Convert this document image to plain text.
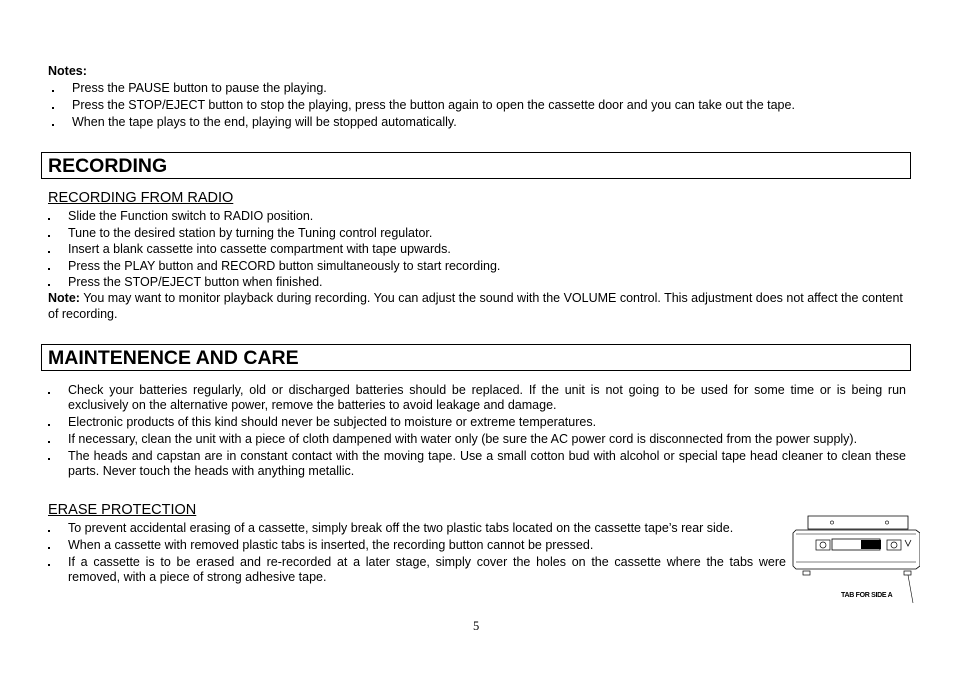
Notes:
Press the PAUSE button to pause the playing.
Press the STOP/EJECT button to stop the playing, press the button again to open the cassette door and you can take out the tape.
When the tape plays to the end, playing will be stopped automatically.
RECORDING
RECORDING FROM RADIO
Slide the Function switch to RADIO position.
Tune to the desired station by turning the Tuning control regulator.
Insert a blank cassette into cassette compartment with tape upwards.
Press the PLAY button and RECORD button simultaneously to start recording.
Press the STOP/EJECT button when finished.
Note: You may want to monitor playback during recording. You can adjust the sound with the VOLUME control. This adjustment does not affect the content of recording.
MAINTENENCE AND CARE
Check your batteries regularly, old or discharged batteries should be replaced. If the unit is not going to be used for some time or is being run exclusively on the alternative power, remove the batteries to avoid leakage and damage.
Electronic products of this kind should never be subjected to moisture or extreme temperatures.
If necessary, clean the unit with a piece of cloth dampened with water only (be sure the AC power cord is disconnected from the power supply).
The heads and capstan are in constant contact with the moving tape. Use a small cotton bud with alcohol or special tape head cleaner to clean these parts. Never touch the heads with anything metallic.
ERASE PROTECTION
To prevent accidental erasing of a cassette, simply break off the two plastic tabs located on the cassette tape’s rear side.
When a cassette with removed plastic tabs is inserted, the recording button cannot be pressed.
If a cassette is to be erased and re-recorded at a later stage, simply cover the holes on the cassette where the tabs were removed, with a piece of strong adhesive tape.
TAB FOR SIDE A
5
